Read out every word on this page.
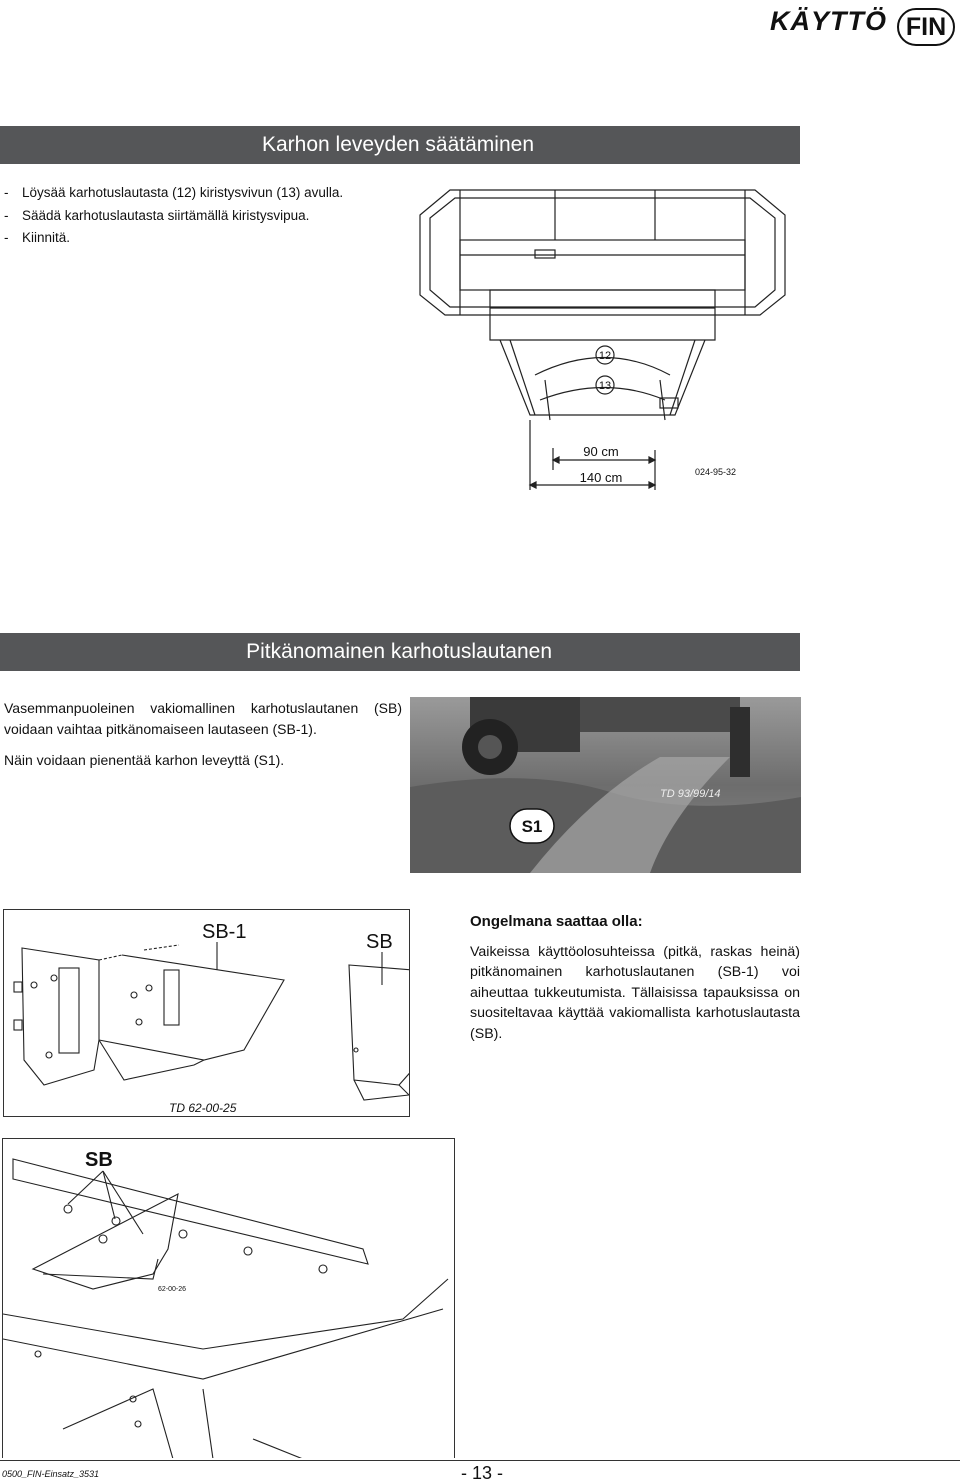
KÄYTTÖ FIN
Karhon leveyden säätäminen
- Löysää karhotuslautasta (12) kiristysvivun (13) avulla.
- Säädä karhotuslautasta siirtämällä kiristysvipua.
- Kiinnitä.
12
13
90 cm
140 cm	024-95-32
Pitkänomainen karhotuslautanen

Vasemmanpuoleinen vakiomallinen karhotuslautanen (SB) voidaan vaihtaa pitkänomaiseen lautaseen (SB-1).

Näin voidaan pienentää karhon leveyttä (S1).

TD 93/99/14
S1
SB-1	SB
TD 62-00-25
Ongelmana saattaa olla:

Vaikeissa käyttöolosuhteissa (pitkä, raskas heinä) pitkänomainen karhotuslautanen (SB-1) voi aiheuttaa tukkeutumista. Tällaisissa tapauksissa on suositeltavaa käyttää vakiomallista karhotuslautasta (SB).

SB
62-00-26
0500_FIN-Einsatz_3531	- 13 -
